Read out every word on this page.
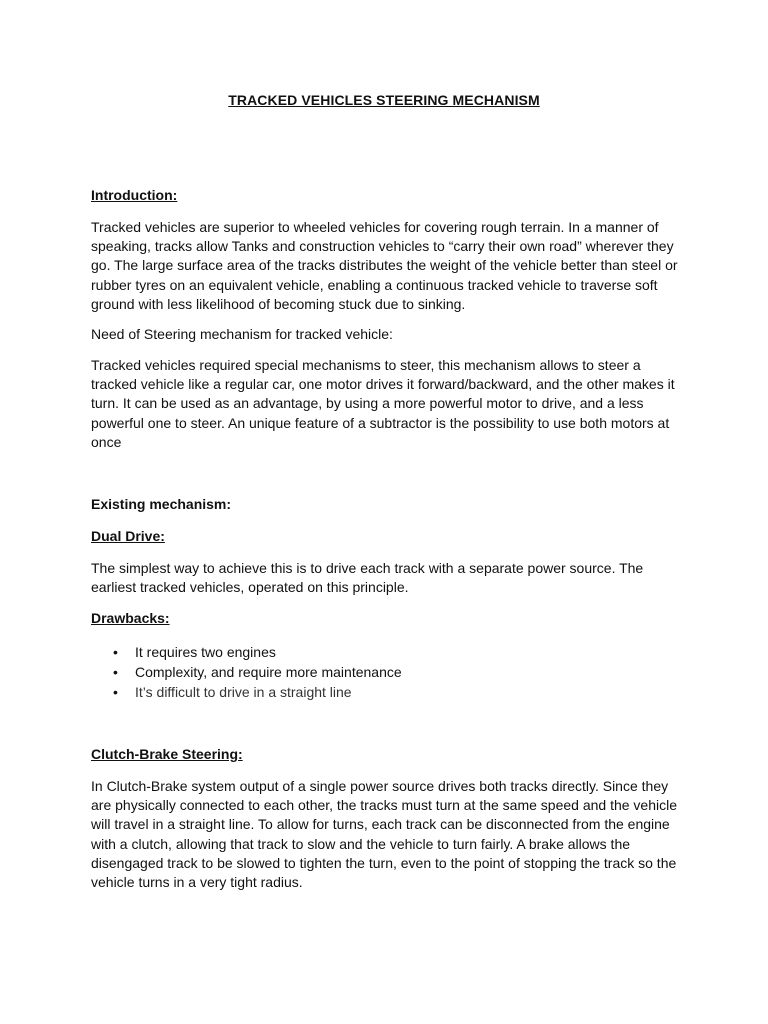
TRACKED VEHICLES STEERING MECHANISM
Introduction:

Tracked vehicles are superior to wheeled vehicles for covering rough terrain. In a manner of speaking, tracks allow Tanks and construction vehicles to “carry their own road” wherever they go. The large surface area of the tracks distributes the weight of the vehicle better than steel or rubber tyres on an equivalent vehicle, enabling a continuous tracked vehicle to traverse soft ground with less likelihood of becoming stuck due to sinking.

Need of Steering mechanism for tracked vehicle:

Tracked vehicles required special mechanisms to steer, this mechanism allows to steer a tracked vehicle like a regular car, one motor drives it forward/backward, and the other makes it turn. It can be used as an advantage, by using a more powerful motor to drive, and a less powerful one to steer. An unique feature of a subtractor is the possibility to use both motors at once

Existing mechanism:
Dual Drive:

The simplest way to achieve this is to drive each track with a separate power source. The earliest tracked vehicles, operated on this principle.

Drawbacks:
• It requires two engines
• Complexity, and require more maintenance
• It’s difficult to drive in a straight line
Clutch-Brake Steering:

In Clutch-Brake system output of a single power source drives both tracks directly. Since they are physically connected to each other, the tracks must turn at the same speed and the vehicle will travel in a straight line. To allow for turns, each track can be disconnected from the engine with a clutch, allowing that track to slow and the vehicle to turn fairly. A brake allows the disengaged track to be slowed to tighten the turn, even to the point of stopping the track so the vehicle turns in a very tight radius.
